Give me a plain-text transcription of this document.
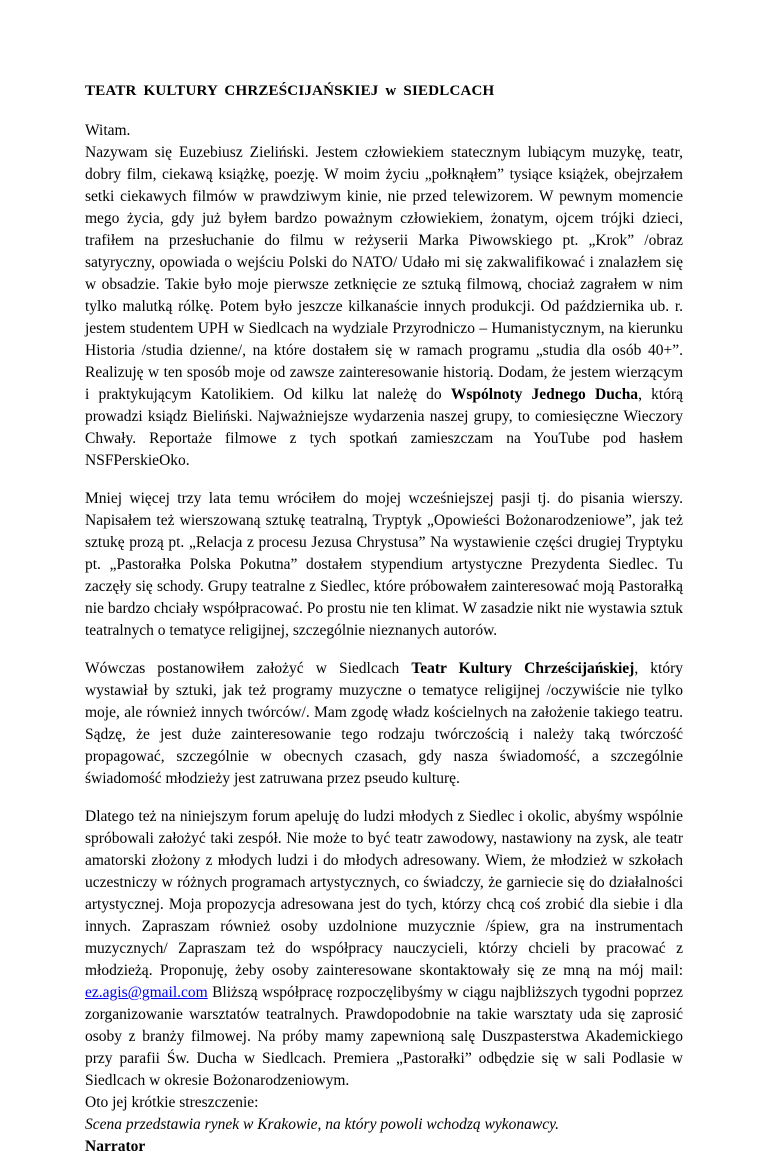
TEATR KULTURY CHRZEŚCIJAŃSKIEJ w SIEDLCACH

Witam.

Nazywam się Euzebiusz Zieliński. Jestem człowiekiem statecznym lubiącym muzykę, teatr, dobry film, ciekawą książkę, poezję. W moim życiu „połknąłem” tysiące książek, obejrzałem setki ciekawych filmów w prawdziwym kinie, nie przed telewizorem. W pewnym momencie mego życia, gdy już byłem bardzo poważnym człowiekiem, żonatym, ojcem trójki dzieci, trafiłem na przesłuchanie do filmu w reżyserii Marka Piwowskiego pt. „Krok” /obraz satyryczny, opowiada o wejściu Polski do NATO/ Udało mi się zakwalifikować i znalazłem się w obsadzie. Takie było moje pierwsze zetknięcie ze sztuką filmową, chociaż zagrałem w nim tylko malutką rólkę. Potem było jeszcze kilkanaście innych produkcji. Od października ub. r. jestem studentem UPH w Siedlcach na wydziale Przyrodniczo – Humanistycznym, na kierunku Historia /studia dzienne/, na które dostałem się w ramach programu „studia dla osób 40+”. Realizuję w ten sposób moje od zawsze zainteresowanie historią. Dodam, że jestem wierzącym i praktykującym Katolikiem. Od kilku lat należę do Wspólnoty Jednego Ducha, którą prowadzi ksiądz Bieliński. Najważniejsze wydarzenia naszej grupy, to comiesięczne Wieczory Chwały. Reportaże filmowe z tych spotkań zamieszczam na YouTube pod hasłem NSFPerskieOko.

Mniej więcej trzy lata temu wróciłem do mojej wcześniejszej pasji tj. do pisania wierszy. Napisałem też wierszowaną sztukę teatralną, Tryptyk „Opowieści Bożonarodzeniowe”, jak też sztukę prozą pt. „Relacja z procesu Jezusa Chrystusa” Na wystawienie części drugiej Tryptyku pt. „Pastorałka Polska Pokutna” dostałem stypendium artystyczne Prezydenta Siedlec. Tu zaczęły się schody. Grupy teatralne z Siedlec, które próbowałem zainteresować moją Pastorałką nie bardzo chciały współpracować. Po prostu nie ten klimat. W zasadzie nikt nie wystawia sztuk teatralnych o tematyce religijnej, szczególnie nieznanych autorów.

Wówczas postanowiłem założyć w Siedlcach Teatr Kultury Chrześcijańskiej, który wystawiał by sztuki, jak też programy muzyczne o tematyce religijnej /oczywiście nie tylko moje, ale również innych twórców/. Mam zgodę władz kościelnych na założenie takiego teatru. Sądzę, że jest duże zainteresowanie tego rodzaju twórczością i należy taką twórczość propagować, szczególnie w obecnych czasach, gdy nasza świadomość, a szczególnie świadomość młodzieży jest zatruwana przez pseudo kulturę.

Dlatego też na niniejszym forum apeluję do ludzi młodych z Siedlec i okolic, abyśmy wspólnie spróbowali założyć taki zespół. Nie może to być teatr zawodowy, nastawiony na zysk, ale teatr amatorski złożony z młodych ludzi i do młodych adresowany. Wiem, że młodzież w szkołach uczestniczy w różnych programach artystycznych, co świadczy, że garniecie się do działalności artystycznej. Moja propozycja adresowana jest do tych, którzy chcą coś zrobić dla siebie i dla innych. Zapraszam również osoby uzdolnione muzycznie /śpiew, gra na instrumentach muzycznych/ Zapraszam też do współpracy nauczycieli, którzy chcieli by pracować z młodzieżą. Proponuję, żeby osoby zainteresowane skontaktowały się ze mną na mój mail: ez.agis@gmail.com Bliższą współpracę rozpoczęlibyśmy w ciągu najbliższych tygodni poprzez zorganizowanie warsztatów teatralnych. Prawdopodobnie na takie warsztaty uda się zaprosić osoby z branży filmowej. Na próby mamy zapewnioną salę Duszpasterstwa Akademickiego przy parafii Św. Ducha w Siedlcach. Premiera „Pastorałki” odbędzie się w sali Podlasie w Siedlcach w okresie Bożonarodzeniowym.

Oto jej krótkie streszczenie:

Scena przedstawia rynek w Krakowie, na który powoli wchodzą wykonawcy.

Narrator
